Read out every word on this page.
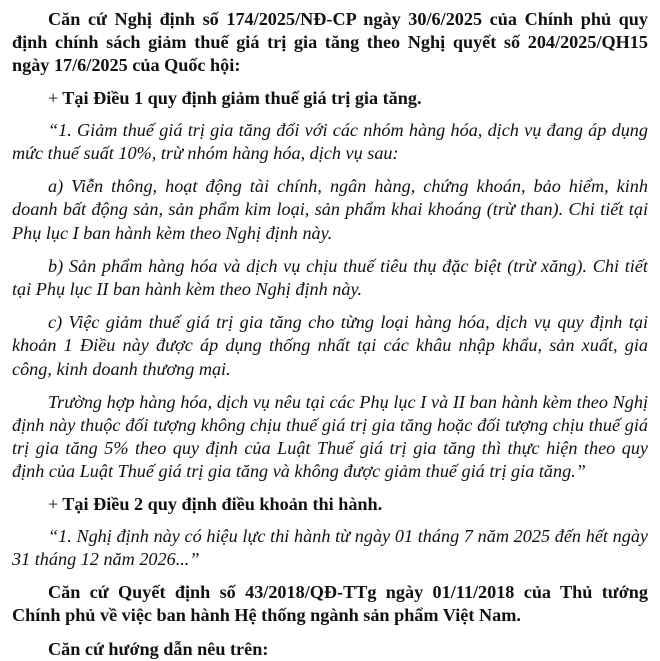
Căn cứ Nghị định số 174/2025/NĐ-CP ngày 30/6/2025 của Chính phủ quy định chính sách giảm thuế giá trị gia tăng theo Nghị quyết số 204/2025/QH15 ngày 17/6/2025 của Quốc hội:

+ Tại Điều 1 quy định giảm thuế giá trị gia tăng.

“1. Giảm thuế giá trị gia tăng đối với các nhóm hàng hóa, dịch vụ đang áp dụng mức thuế suất 10%, trừ nhóm hàng hóa, dịch vụ sau:

a) Viễn thông, hoạt động tài chính, ngân hàng, chứng khoán, bảo hiểm, kinh doanh bất động sản, sản phẩm kim loại, sản phẩm khai khoáng (trừ than). Chi tiết tại Phụ lục I ban hành kèm theo Nghị định này.

b) Sản phẩm hàng hóa và dịch vụ chịu thuế tiêu thụ đặc biệt (trừ xăng). Chi tiết tại Phụ lục II ban hành kèm theo Nghị định này.

c) Việc giảm thuế giá trị gia tăng cho từng loại hàng hóa, dịch vụ quy định tại khoản 1 Điều này được áp dụng thống nhất tại các khâu nhập khẩu, sản xuất, gia công, kinh doanh thương mại.

Trường hợp hàng hóa, dịch vụ nêu tại các Phụ lục I và II ban hành kèm theo Nghị định này thuộc đối tượng không chịu thuế giá trị gia tăng hoặc đối tượng chịu thuế giá trị gia tăng 5% theo quy định của Luật Thuế giá trị gia tăng thì thực hiện theo quy định của Luật Thuế giá trị gia tăng và không được giảm thuế giá trị gia tăng.”

+ Tại Điều 2 quy định điều khoản thi hành.

“1. Nghị định này có hiệu lực thi hành từ ngày 01 tháng 7 năm 2025 đến hết ngày 31 tháng 12 năm 2026...”

Căn cứ Quyết định số 43/2018/QĐ-TTg ngày 01/11/2018 của Thủ tướng Chính phủ về việc ban hành Hệ thống ngành sản phẩm Việt Nam.

Căn cứ hướng dẫn nêu trên:
